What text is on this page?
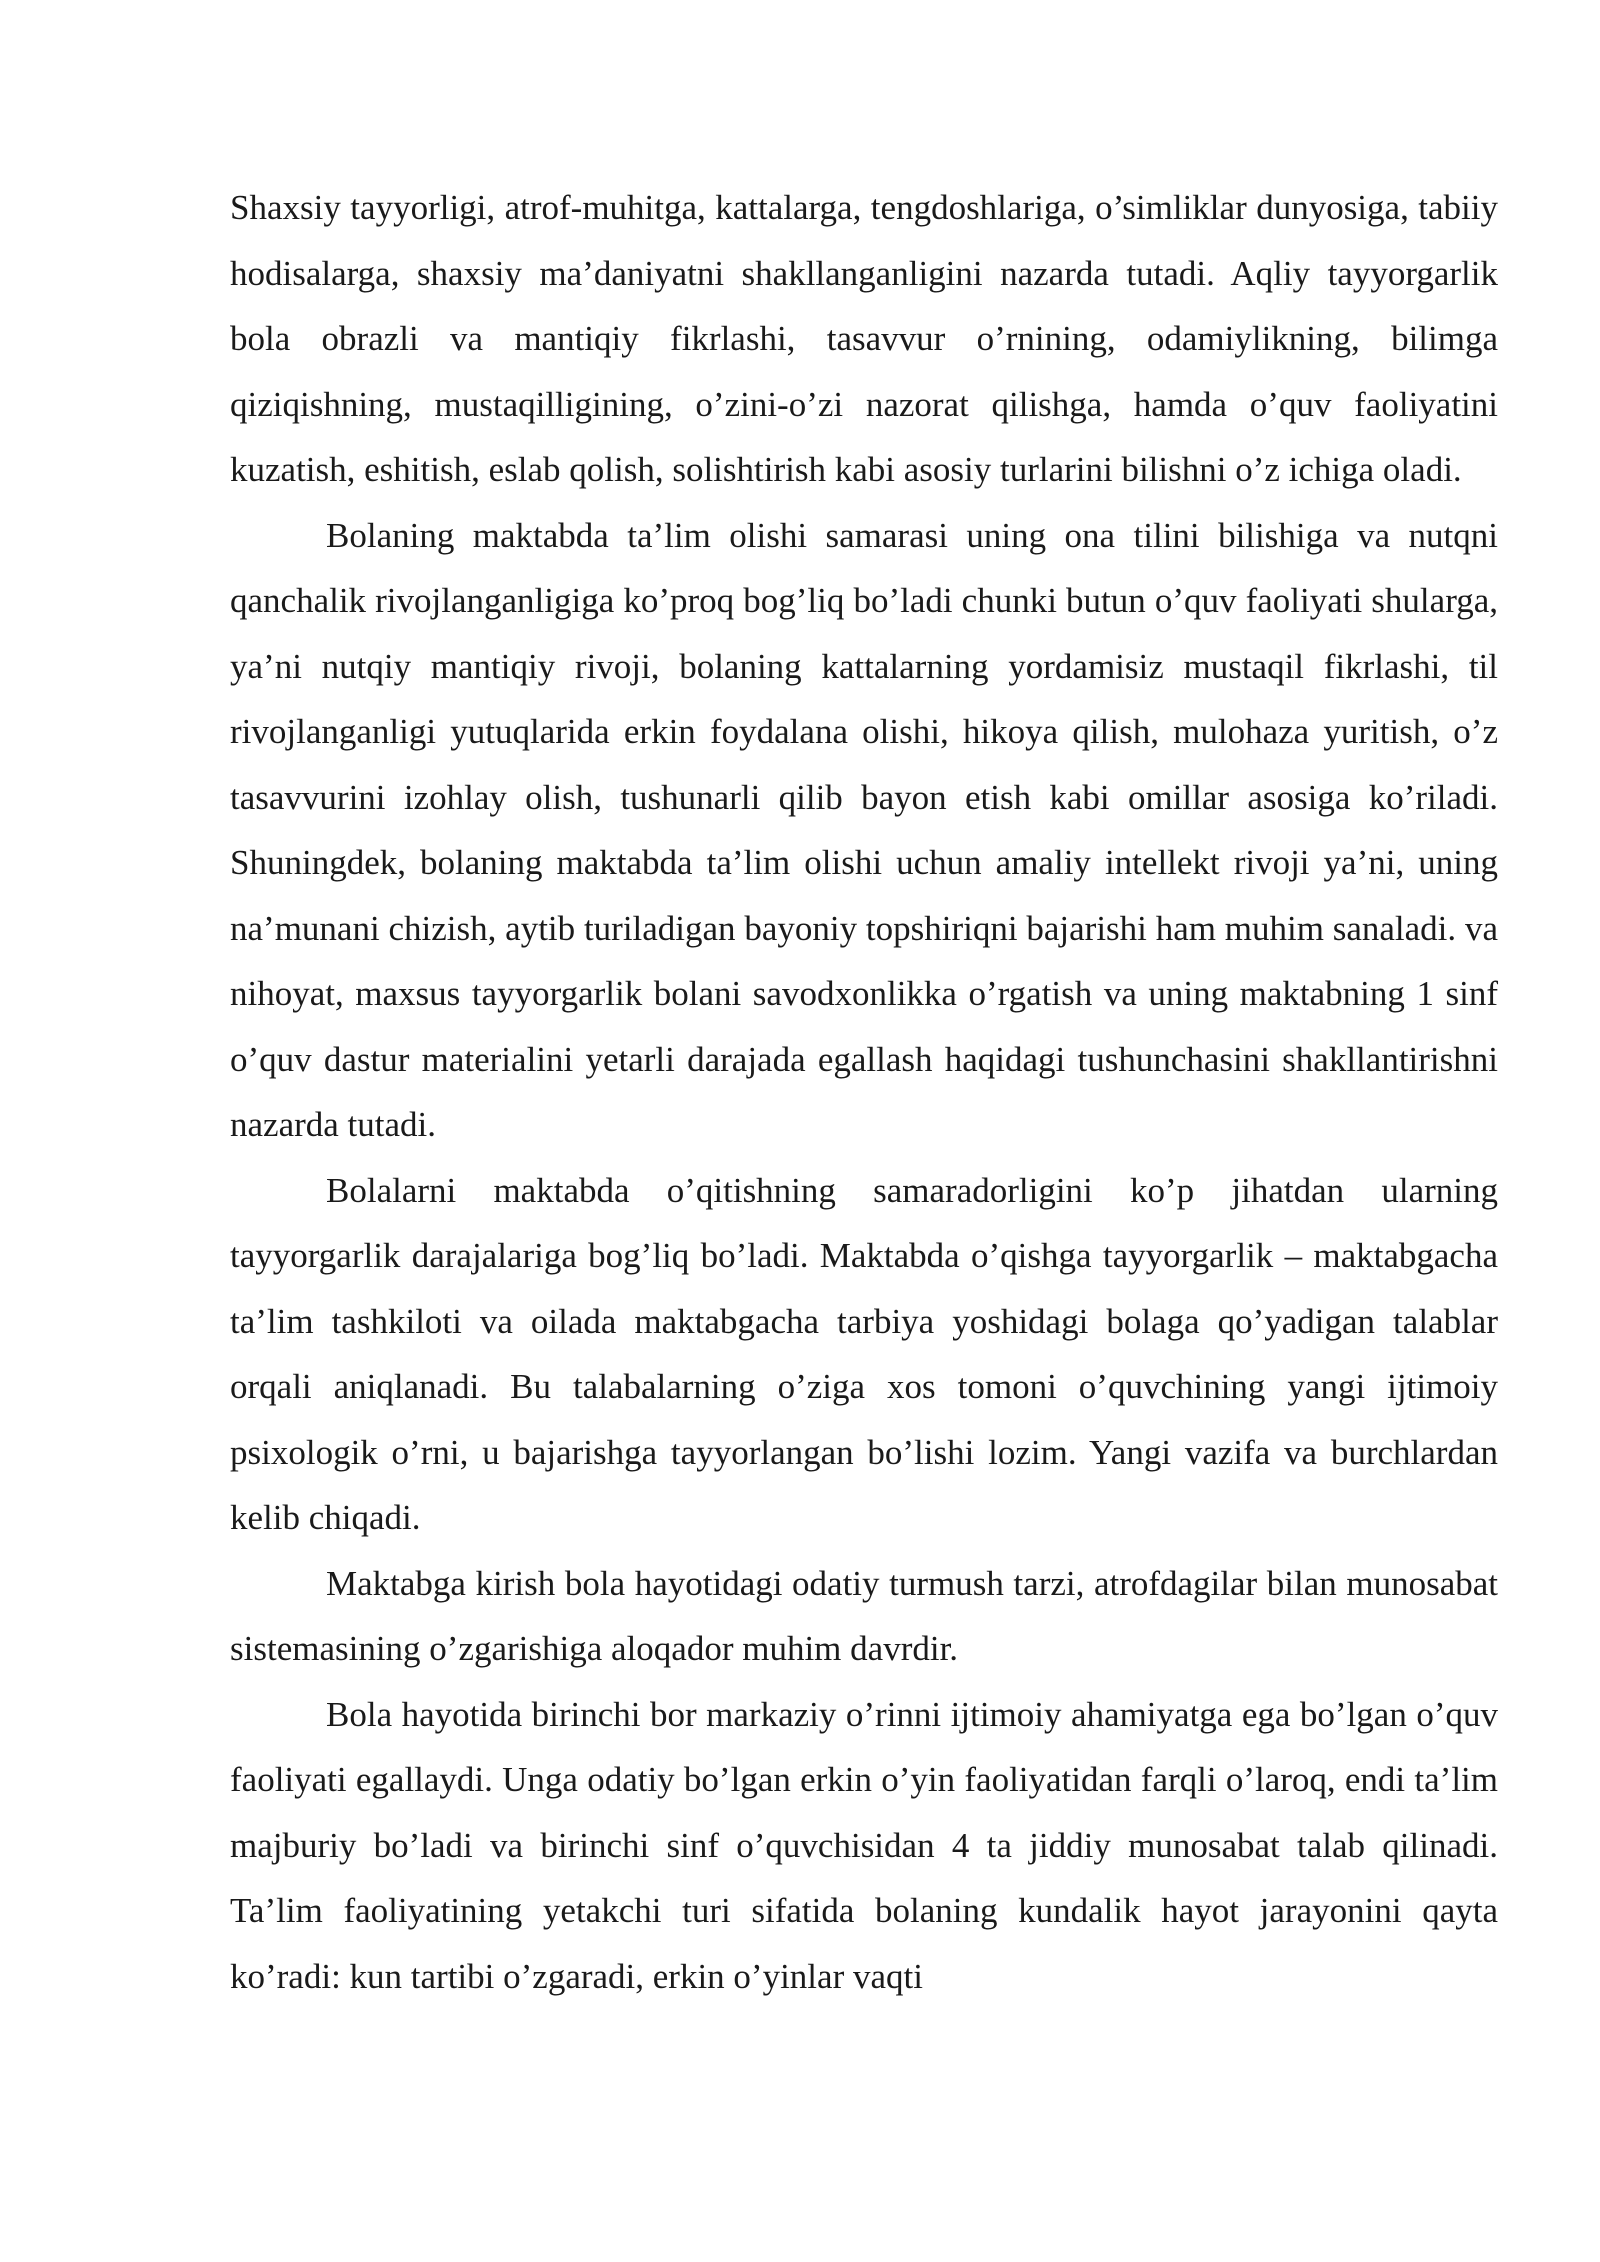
Shaxsiy tayyorligi, atrof-muhitga, kattalarga, tengdoshlariga, o’simliklar dunyosiga, tabiiy hodisalarga, shaxsiy ma’daniyatni shakllanganligini nazarda tutadi. Aqliy tayyorgarlik bola obrazli va mantiqiy fikrlashi, tasavvur o’rnining, odamiylikning, bilimga qiziqishning, mustaqilligining, o’zini-o’zi nazorat qilishga, hamda o’quv faoliyatini kuzatish, eshitish, eslab qolish, solishtirish kabi asosiy turlarini bilishni o’z ichiga oladi.

Bolaning maktabda ta’lim olishi samarasi uning ona tilini bilishiga va nutqni qanchalik rivojlanganligiga ko’proq bog’liq bo’ladi chunki butun o’quv faoliyati shularga, ya’ni nutqiy mantiqiy rivoji, bolaning kattalarning yordamisiz mustaqil fikrlashi, til rivojlanganligi yutuqlarida erkin foydalana olishi, hikoya qilish, mulohaza yuritish, o’z tasavvurini izohlay olish, tushunarli qilib bayon etish kabi omillar asosiga ko’riladi. Shuningdek, bolaning maktabda ta’lim olishi uchun amaliy intellekt rivoji ya’ni, uning na’munani chizish, aytib turiladigan bayoniy topshiriqni bajarishi ham muhim sanaladi. va nihoyat, maxsus tayyorgarlik bolani savodxonlikka o’rgatish va uning maktabning 1 sinf o’quv dastur materialini yetarli darajada egallash haqidagi tushunchasini shakllantirishni nazarda tutadi.

Bolalarni maktabda o’qitishning samaradorligini ko’p jihatdan ularning tayyorgarlik darajalariga bog’liq bo’ladi. Maktabda o’qishga tayyorgarlik – maktabgacha ta’lim tashkiloti va oilada maktabgacha tarbiya yoshidagi bolaga qo’yadigan talablar orqali aniqlanadi. Bu talabalarning o’ziga xos tomoni o’quvchining yangi ijtimoiy psixologik o’rni, u bajarishga tayyorlangan bo’lishi lozim. Yangi vazifa va burchlardan kelib chiqadi.

Maktabga kirish bola hayotidagi odatiy turmush tarzi, atrofdagilar bilan munosabat sistemasining o’zgarishiga aloqador muhim davrdir.

Bola hayotida birinchi bor markaziy o’rinni ijtimoiy ahamiyatga ega bo’lgan o’quv faoliyati egallaydi. Unga odatiy bo’lgan erkin o’yin faoliyatidan farqli o’laroq, endi ta’lim majburiy bo’ladi va birinchi sinf o’quvchisidan 4 ta jiddiy munosabat talab qilinadi. Ta’lim faoliyatining yetakchi turi sifatida bolaning kundalik hayot jarayonini qayta ko’radi: kun tartibi o’zgaradi, erkin o’yinlar vaqti
